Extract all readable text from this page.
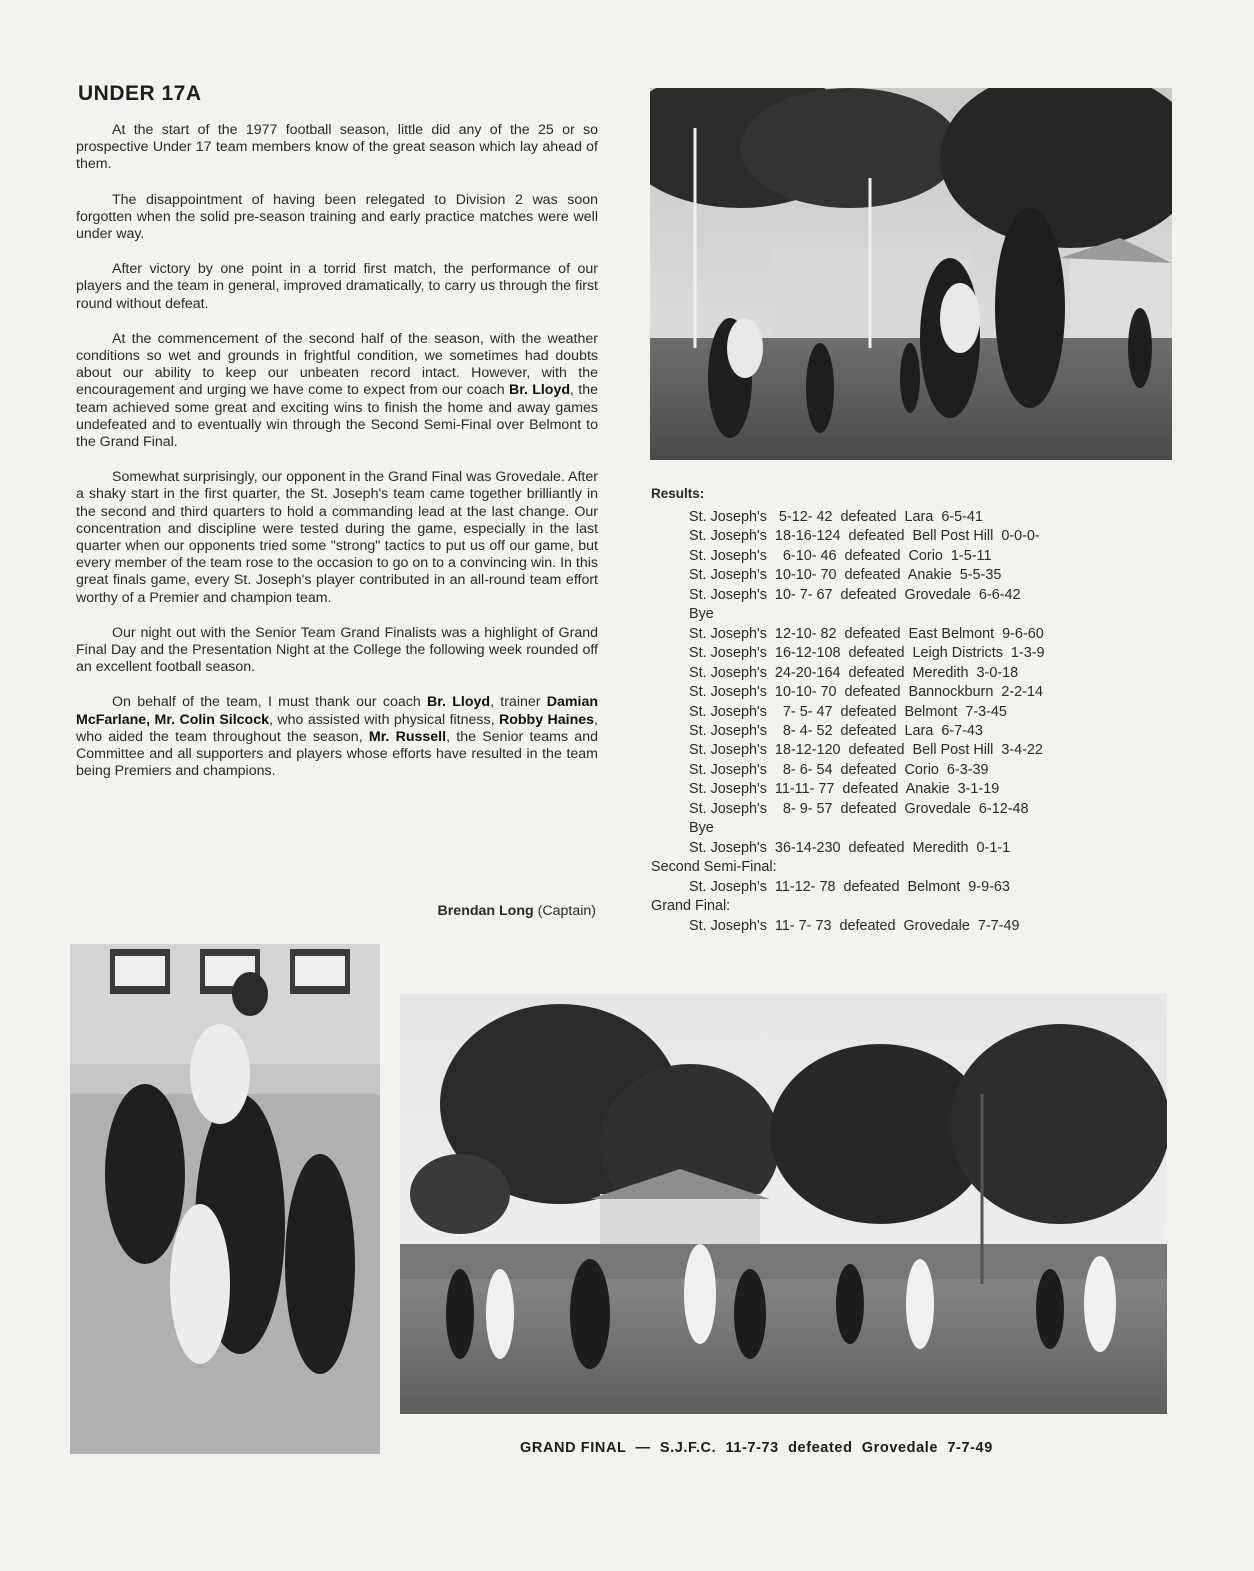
UNDER 17A

At the start of the 1977 football season, little did any of the 25 or so prospective Under 17 team members know of the great season which lay ahead of them.

The disappointment of having been relegated to Division 2 was soon forgotten when the solid pre-season training and early practice matches were well under way.

After victory by one point in a torrid first match, the performance of our players and the team in general, improved dramatically, to carry us through the first round without defeat.

At the commencement of the second half of the season, with the weather conditions so wet and grounds in frightful condition, we sometimes had doubts about our ability to keep our unbeaten record intact. However, with the encouragement and urging we have come to expect from our coach Br. Lloyd, the team achieved some great and exciting wins to finish the home and away games undefeated and to eventually win through the Second Semi-Final over Belmont to the Grand Final.

Somewhat surprisingly, our opponent in the Grand Final was Grovedale. After a shaky start in the first quarter, the St. Joseph's team came together brilliantly in the second and third quarters to hold a commanding lead at the last change. Our concentration and discipline were tested during the game, especially in the last quarter when our opponents tried some "strong" tactics to put us off our game, but every member of the team rose to the occasion to go on to a convincing win. In this great finals game, every St. Joseph's player contributed in an all-round team effort worthy of a Premier and champion team.

Our night out with the Senior Team Grand Finalists was a highlight of Grand Final Day and the Presentation Night at the College the following week rounded off an excellent football season.

On behalf of the team, I must thank our coach Br. Lloyd, trainer Damian McFarlane, Mr. Colin Silcock, who assisted with physical fitness, Robby Haines, who aided the team throughout the season, Mr. Russell, the Senior teams and Committee and all supporters and players whose efforts have resulted in the team being Premiers and champions.

Brendan Long (Captain)
Results:
St. Joseph's   5-12- 42  defeated  Lara  6-5-41
St. Joseph's  18-16-124  defeated  Bell Post Hill  0-0-0-
St. Joseph's    6-10- 46  defeated  Corio  1-5-11
St. Joseph's  10-10- 70  defeated  Anakie  5-5-35
St. Joseph's  10- 7- 67  defeated  Grovedale  6-6-42
Bye
St. Joseph's  12-10- 82  defeated  East Belmont  9-6-60
St. Joseph's  16-12-108  defeated  Leigh Districts  1-3-9
St. Joseph's  24-20-164  defeated  Meredith  3-0-18
St. Joseph's  10-10- 70  defeated  Bannockburn  2-2-14
St. Joseph's    7- 5- 47  defeated  Belmont  7-3-45
St. Joseph's    8- 4- 52  defeated  Lara  6-7-43
St. Joseph's  18-12-120  defeated  Bell Post Hill  3-4-22
St. Joseph's    8- 6- 54  defeated  Corio  6-3-39
St. Joseph's  11-11- 77  defeated  Anakie  3-1-19
St. Joseph's    8- 9- 57  defeated  Grovedale  6-12-48
Bye
St. Joseph's  36-14-230  defeated  Meredith  0-1-1
Second Semi-Final:
St. Joseph's  11-12- 78  defeated  Belmont  9-9-63
Grand Final:
St. Joseph's  11- 7- 73  defeated  Grovedale  7-7-49
GRAND FINAL  —  S.J.F.C.  11-7-73  defeated  Grovedale  7-7-49
